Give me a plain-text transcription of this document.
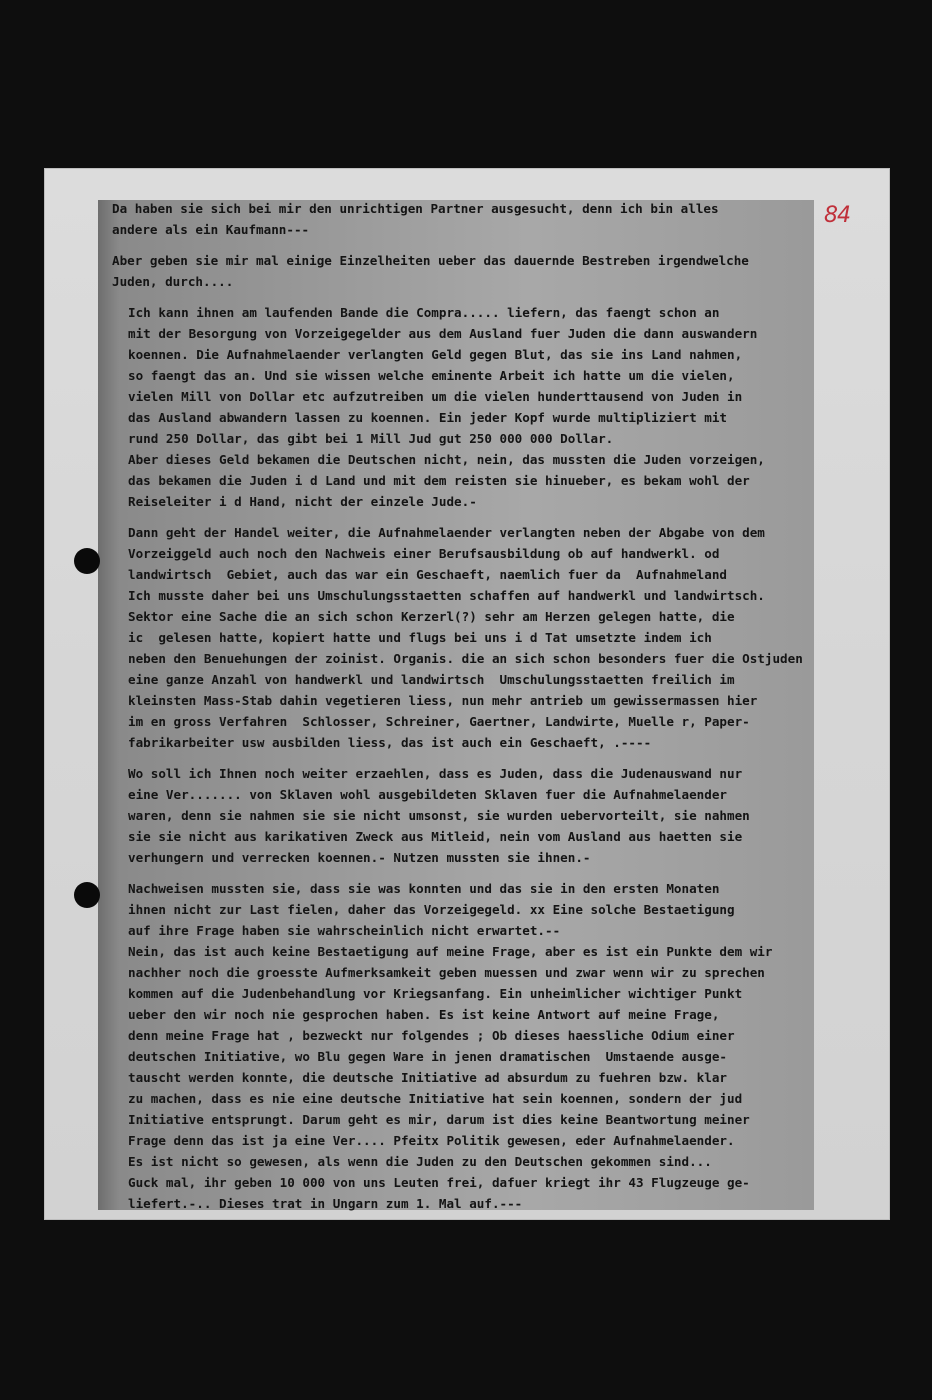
84
Da haben sie sich bei mir den unrichtigen Partner ausgesucht, denn ich bin alles
andere als ein Kaufmann---
Aber geben sie mir mal einige Einzelheiten ueber das dauernde Bestreben irgendwelche
Juden, durch....
Ich kann ihnen am laufenden Bande die Compra..... liefern, das faengt schon an
mit der Besorgung von Vorzeigegelder aus dem Ausland fuer Juden die dann auswandern
koennen. Die Aufnahmelaender verlangten Geld gegen Blut, das sie ins Land nahmen,
so faengt das an. Und sie wissen welche eminente Arbeit ich hatte um die vielen,
vielen Mill von Dollar etc aufzutreiben um die vielen hunderttausend von Juden in
das Ausland abwandern lassen zu koennen. Ein jeder Kopf wurde multipliziert mit
rund 250 Dollar, das gibt bei 1 Mill Jud gut 250 000 000 Dollar.
Aber dieses Geld bekamen die Deutschen nicht, nein, das mussten die Juden vorzeigen,
das bekamen die Juden i d Land und mit dem reisten sie hinueber, es bekam wohl der
Reiseleiter i d Hand, nicht der einzele Jude.-
Dann geht der Handel weiter, die Aufnahmelaender verlangten neben der Abgabe von dem
Vorzeiggeld auch noch den Nachweis einer Berufsausbildung ob auf handwerkl. od
landwirtsch  Gebiet, auch das war ein Geschaeft, naemlich fuer da  Aufnahmeland
Ich musste daher bei uns Umschulungsstaetten schaffen auf handwerkl und landwirtsch.
Sektor eine Sache die an sich schon Kerzerl(?) sehr am Herzen gelegen hatte, die
ic  gelesen hatte, kopiert hatte und flugs bei uns i d Tat umsetzte indem ich
neben den Benuehungen der zoinist. Organis. die an sich schon besonders fuer die Ostjuden
eine ganze Anzahl von handwerkl und landwirtsch  Umschulungsstaetten freilich im
kleinsten Mass-Stab dahin vegetieren liess, nun mehr antrieb um gewissermassen hier
im en gross Verfahren  Schlosser, Schreiner, Gaertner, Landwirte, Muelle r, Paper-
fabrikarbeiter usw ausbilden liess, das ist auch ein Geschaeft, .----
Wo soll ich Ihnen noch weiter erzaehlen, dass es Juden, dass die Judenauswand nur
eine Ver....... von Sklaven wohl ausgebildeten Sklaven fuer die Aufnahmelaender
waren, denn sie nahmen sie sie nicht umsonst, sie wurden uebervorteilt, sie nahmen
sie sie nicht aus karikativen Zweck aus Mitleid, nein vom Ausland aus haetten sie
verhungern und verrecken koennen.- Nutzen mussten sie ihnen.-
Nachweisen mussten sie, dass sie was konnten und das sie in den ersten Monaten
ihnen nicht zur Last fielen, daher das Vorzeigegeld. xx Eine solche Bestaetigung
auf ihre Frage haben sie wahrscheinlich nicht erwartet.--
Nein, das ist auch keine Bestaetigung auf meine Frage, aber es ist ein Punkte dem wir
nachher noch die groesste Aufmerksamkeit geben muessen und zwar wenn wir zu sprechen
kommen auf die Judenbehandlung vor Kriegsanfang. Ein unheimlicher wichtiger Punkt
ueber den wir noch nie gesprochen haben. Es ist keine Antwort auf meine Frage,
denn meine Frage hat , bezweckt nur folgendes ; Ob dieses haessliche Odium einer
deutschen Initiative, wo Blu gegen Ware in jenen dramatischen  Umstaende ausge-
tauscht werden konnte, die deutsche Initiative ad absurdum zu fuehren bzw. klar
zu machen, dass es nie eine deutsche Initiative hat sein koennen, sondern der jud
Initiative entsprungt. Darum geht es mir, darum ist dies keine Beantwortung meiner
Frage denn das ist ja eine Ver.... Pfeitx Politik gewesen, eder Aufnahmelaender.
Es ist nicht so gewesen, als wenn die Juden zu den Deutschen gekommen sind...
Guck mal, ihr geben 10 000 von uns Leuten frei, dafuer kriegt ihr 43 Flugzeuge ge-
liefert.-.. Dieses trat in Ungarn zum 1. Mal auf.---
